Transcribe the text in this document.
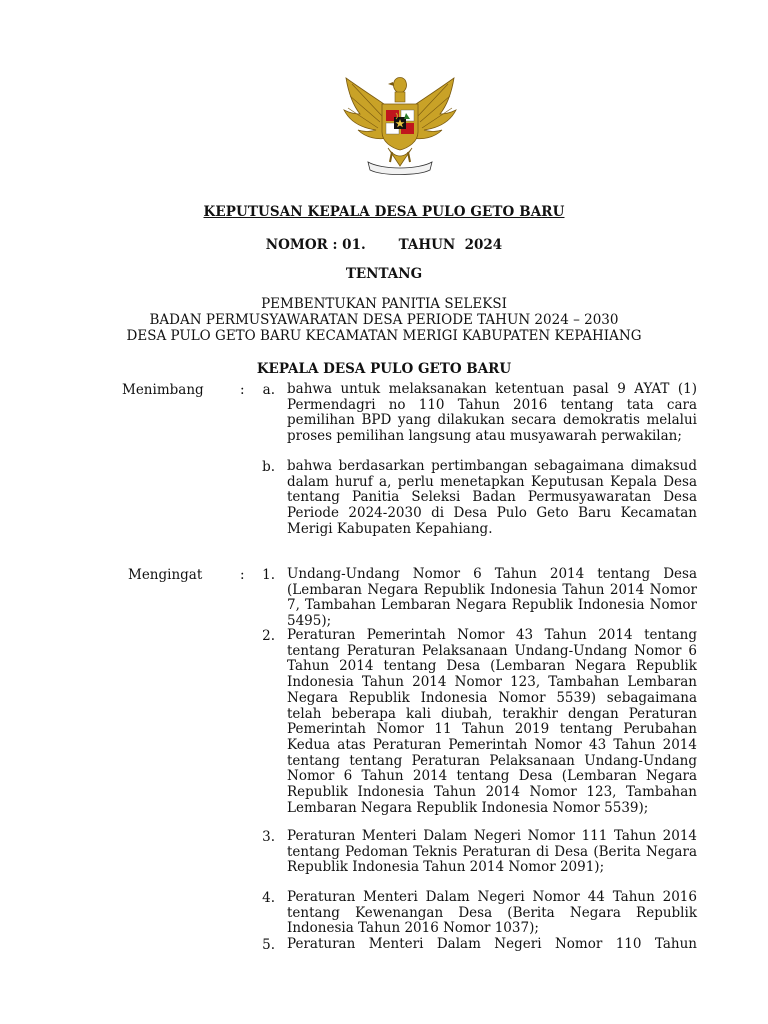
KEPUTUSAN KEPALA DESA PULO GETO BARU
NOMOR : 01.       TAHUN  2024
TENTANG
PEMBENTUKAN PANITIA SELEKSI
BADAN PERMUSYAWARATAN DESA PERIODE TAHUN 2024 – 2030
DESA PULO GETO BARU KECAMATAN MERIGI KABUPATEN KEPAHIANG
KEPALA DESA PULO GETO BARU
Menimbang	:	a. bahwa untuk melaksanakan ketentuan pasal 9 AYAT (1) Permendagri no 110 Tahun 2016 tentang tata cara pemilihan BPD yang dilakukan secara demokratis melalui proses pemilihan langsung atau musyawarah perwakilan;
b. bahwa berdasarkan pertimbangan sebagaimana dimaksud dalam huruf a, perlu menetapkan Keputusan Kepala Desa tentang Panitia Seleksi Badan Permusyawaratan Desa Periode 2024-2030 di Desa Pulo Geto Baru Kecamatan Merigi Kabupaten Kepahiang.
Mengingat	:	1. Undang-Undang Nomor 6 Tahun 2014 tentang Desa (Lembaran Negara Republik Indonesia Tahun 2014 Nomor 7, Tambahan Lembaran Negara Republik Indonesia Nomor 5495);
2. Peraturan Pemerintah Nomor 43 Tahun 2014 tentang tentang Peraturan Pelaksanaan Undang-Undang Nomor 6 Tahun 2014 tentang Desa (Lembaran Negara Republik Indonesia Tahun 2014 Nomor 123, Tambahan Lembaran Negara Republik Indonesia Nomor 5539) sebagaimana telah beberapa kali diubah, terakhir dengan Peraturan Pemerintah Nomor 11 Tahun 2019 tentang Perubahan Kedua atas Peraturan Pemerintah Nomor 43 Tahun 2014 tentang tentang Peraturan Pelaksanaan Undang-Undang Nomor 6 Tahun 2014 tentang Desa (Lembaran Negara Republik Indonesia Tahun 2014 Nomor 123, Tambahan Lembaran Negara Republik Indonesia Nomor 5539);
3. Peraturan Menteri Dalam Negeri Nomor 111 Tahun 2014 tentang Pedoman Teknis Peraturan di Desa (Berita Negara Republik Indonesia Tahun 2014 Nomor 2091);
4. Peraturan Menteri Dalam Negeri Nomor 44 Tahun 2016 tentang Kewenangan Desa (Berita Negara Republik Indonesia Tahun 2016 Nomor 1037);
5. Peraturan Menteri Dalam Negeri Nomor 110 Tahun
